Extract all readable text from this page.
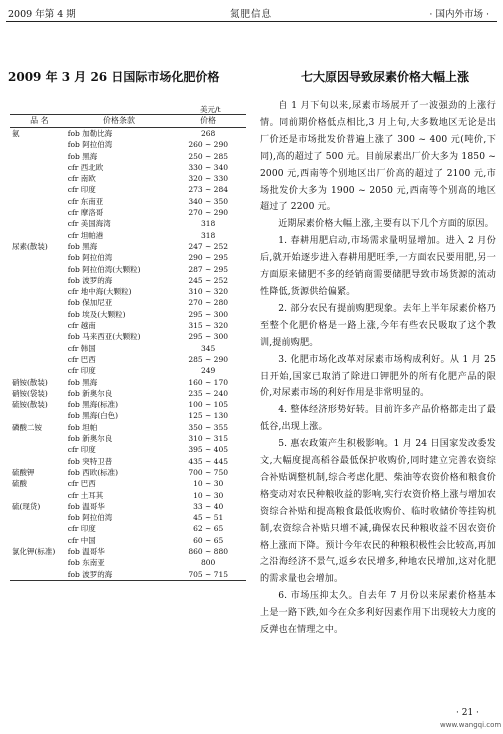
2009 年第 4 期	氮肥信息	· 国内外市场 ·
2009 年 3 月 26 日国际市场化肥价格
美元/t
品 名	价格条款	价格
氨	fob 加勒比海	268
fob 阿拉伯湾	260 ~ 290
fob 黑海	250 ~ 285
cfr 西北欧	330 ~ 340
cfr 南欧	320 ~ 330
cfr 印度	273 ~ 284
cfr 东南亚	340 ~ 350
cfr 摩洛哥	270 ~ 290
cfr 美国海湾	318
cfr 坦帕港	318
尿素(散装)	fob 黑海	247 ~ 252
fob 阿拉伯湾	290 ~ 295
fob 阿拉伯湾(大颗粒)	287 ~ 295
fob 波罗的海	245 ~ 252
cfr 地中海(大颗粒)	310 ~ 320
fob 保加尼亚	270 ~ 280
fob 埃及(大颗粒)	295 ~ 300
cfr 越南	315 ~ 320
fob 马来西亚(大颗粒)	295 ~ 300
cfr 韩国	345
cfr 巴西	285 ~ 290
cfr 印度	249
硝铵(散装)	fob 黑海	160 ~ 170
硝铵(袋装)	fob 新奥尔良	235 ~ 240
硫铵(散装)	fob 黑海(标准)	100 ~ 105
fob 黑海(白色)	125 ~ 130
磷酸二铵	fob 坦帕	350 ~ 355
fob 新奥尔良	310 ~ 315
cfr 印度	395 ~ 405
fob 突特卫普	435 ~ 445
硫酸钾	fob 西欧(标准)	700 ~ 750
硫酸	cfr 巴西	10 ~ 30
cfr 土耳其	10 ~ 30
硫(现货)	fob 温哥华	33 ~ 40
fob 阿拉伯湾	45 ~ 51
cfr 印度	62 ~ 65
cfr 中国	60 ~ 65
氯化钾(标准)	fob 温哥华	860 ~ 880
fob 东南亚	800
fob 波罗的海	705 ~ 715
七大原因导致尿素价格大幅上涨

自 1 月下旬以来,尿素市场展开了一波强劲的上涨行情。同前期价格低点相比,3 月上旬,大多数地区无论是出厂价还是市场批发价普遍上涨了 300 ~ 400 元(吨价,下同),高的超过了 500 元。目前尿素出厂价大多为 1850 ~ 2000 元,西南等个别地区出厂价高的超过了 2100 元,市场批发价大多为 1900 ~ 2050 元,西南等个别高的地区超过了 2200 元。

近期尿素价格大幅上涨,主要有以下几个方面的原因。

1. 春耕用肥启动,市场需求量明显增加。进入 2 月份后,就开始逐步进入春耕用肥旺季,一方面农民要用肥,另一方面原来储肥不多的经销商需要储肥导致市场货源的流动性降低,货源供给偏紧。

2. 部分农民有提前购肥现象。去年上半年尿素价格乃至整个化肥价格是一路上涨,今年有些农民吸取了这个教训,提前购肥。

3. 化肥市场化改革对尿素市场构成利好。从 1 月 25 日开始,国家已取消了除进口钾肥外的所有化肥产品的限价,对尿素市场的利好作用是非常明显的。

4. 整体经济形势好转。目前许多产品价格都走出了最低谷,出现上涨。

5. 惠农政策产生积极影响。1 月 24 日国家发改委发文,大幅度提高稻谷最低保护收购价,同时建立完善农资综合补贴调整机制,综合考虑化肥、柴油等农资价格和粮食价格变动对农民种粮收益的影响,实行农资价格上涨与增加农资综合补贴和提高粮食最低收购价、临时收储价等挂钩机制,农资综合补贴只增不减,确保农民种粮收益不因农资价格上涨而下降。预计今年农民的种粮积极性会比较高,再加之沿海经济不景气,返乡农民增多,种地农民增加,这对化肥的需求量也会增加。

6. 市场压抑太久。自去年 7 月份以来尿素价格基本上是一路下跌,如今在众多利好因素作用下出现较大力度的反弹也在情理之中。

· 21 ·
www.wangqi.com
